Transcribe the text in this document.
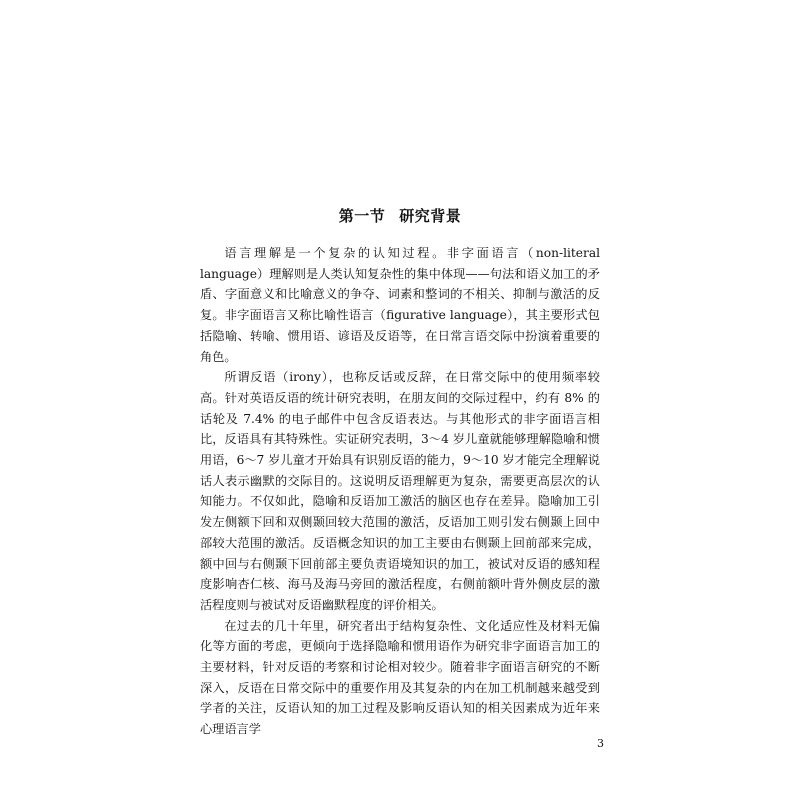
第一节 研究背景

语言理解是一个复杂的认知过程。非字面语言（non-literal language）理解则是人类认知复杂性的集中体现——句法和语义加工的矛盾、字面意义和比喻意义的争夺、词素和整词的不相关、抑制与激活的反复。非字面语言又称比喻性语言（figurative language），其主要形式包括隐喻、转喻、惯用语、谚语及反语等，在日常言语交际中扮演着重要的角色。

所谓反语（irony），也称反话或反辞，在日常交际中的使用频率较高。针对英语反语的统计研究表明，在朋友间的交际过程中，约有 8% 的话轮及 7.4% 的电子邮件中包含反语表达。与其他形式的非字面语言相比，反语具有其特殊性。实证研究表明，3～4 岁儿童就能够理解隐喻和惯用语，6～7 岁儿童才开始具有识别反语的能力，9～10 岁才能完全理解说话人表示幽默的交际目的。这说明反语理解更为复杂，需要更高层次的认知能力。不仅如此，隐喻和反语加工激活的脑区也存在差异。隐喻加工引发左侧额下回和双侧颞回较大范围的激活，反语加工则引发右侧颞上回中部较大范围的激活。反语概念知识的加工主要由右侧颞上回前部来完成，额中回与右侧颞下回前部主要负责语境知识的加工，被试对反语的感知程度影响杏仁核、海马及海马旁回的激活程度，右侧前额叶背外侧皮层的激活程度则与被试对反语幽默程度的评价相关。

在过去的几十年里，研究者出于结构复杂性、文化适应性及材料无偏化等方面的考虑，更倾向于选择隐喻和惯用语作为研究非字面语言加工的主要材料，针对反语的考察和讨论相对较少。随着非字面语言研究的不断深入，反语在日常交际中的重要作用及其复杂的内在加工机制越来越受到学者的关注，反语认知的加工过程及影响反语认知的相关因素成为近年来心理语言学

3
